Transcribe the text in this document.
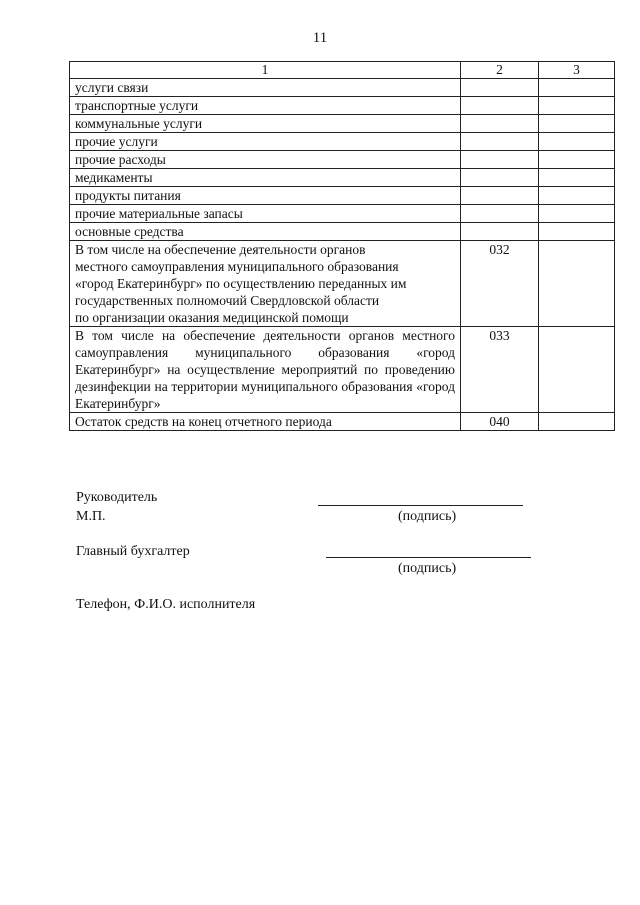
11
1	2	3
услуги связи		
транспортные услуги		
коммунальные услуги		
прочие услуги		
прочие расходы		
медикаменты		
продукты питания		
прочие материальные запасы		
основные средства		

В том числе на обеспечение деятельности органов
местного самоуправления муниципального образования
«город Екатеринбург» по осуществлению переданных им
государственных полномочий Свердловской области
по организации оказания медицинской помощи	032	
В том числе на обеспечение деятельности органов местного самоуправления муниципального образования «город Екатеринбург» на осуществление мероприятий по проведению дезинфекции на территории муниципального образования «город Екатеринбург»	033	
Остаток средств на конец отчетного периода	040	
Руководитель
М.П.	(подпись)
Главный бухгалтер
(подпись)
Телефон, Ф.И.О. исполнителя
